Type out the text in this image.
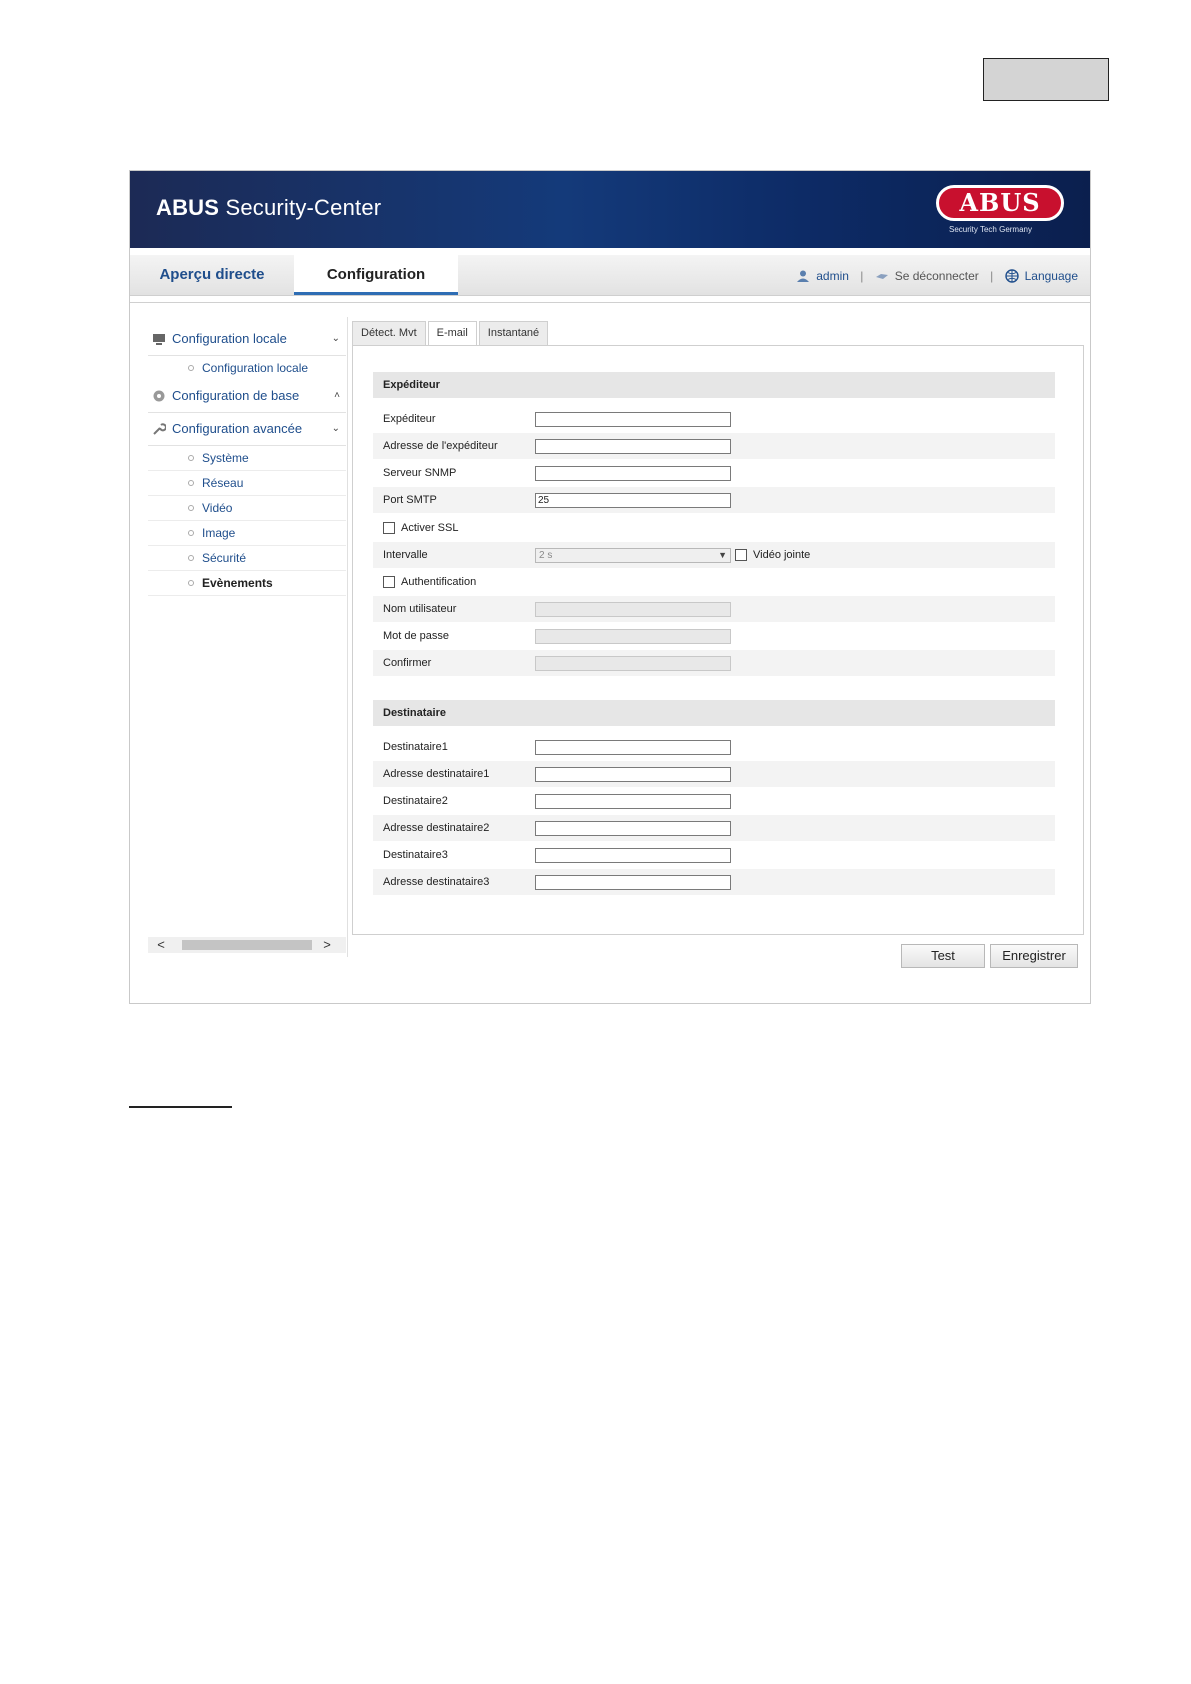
ABUS Security-Center	ABUS
Security Tech Germany
Aperçu directe	Configuration	admin |	Se déconnecter |	Language
Configuration locale	⌄
Configuration locale
Configuration de base	˄
Configuration avancée	⌄
Système
Réseau
Vidéo
Image
Sécurité
Evènements
<	>
Détect. Mvt	E-mail	Instantané
Expéditeur
Expéditeur
Adresse de l'expéditeur
Serveur SNMP
Port SMTP	25
Activer SSL
Intervalle	2 s	▼	Vidéo jointe
Authentification
Nom utilisateur
Mot de passe
Confirmer
Destinataire
Destinataire1
Adresse destinataire1
Destinataire2
Adresse destinataire2
Destinataire3
Adresse destinataire3
Test	Enregistrer
